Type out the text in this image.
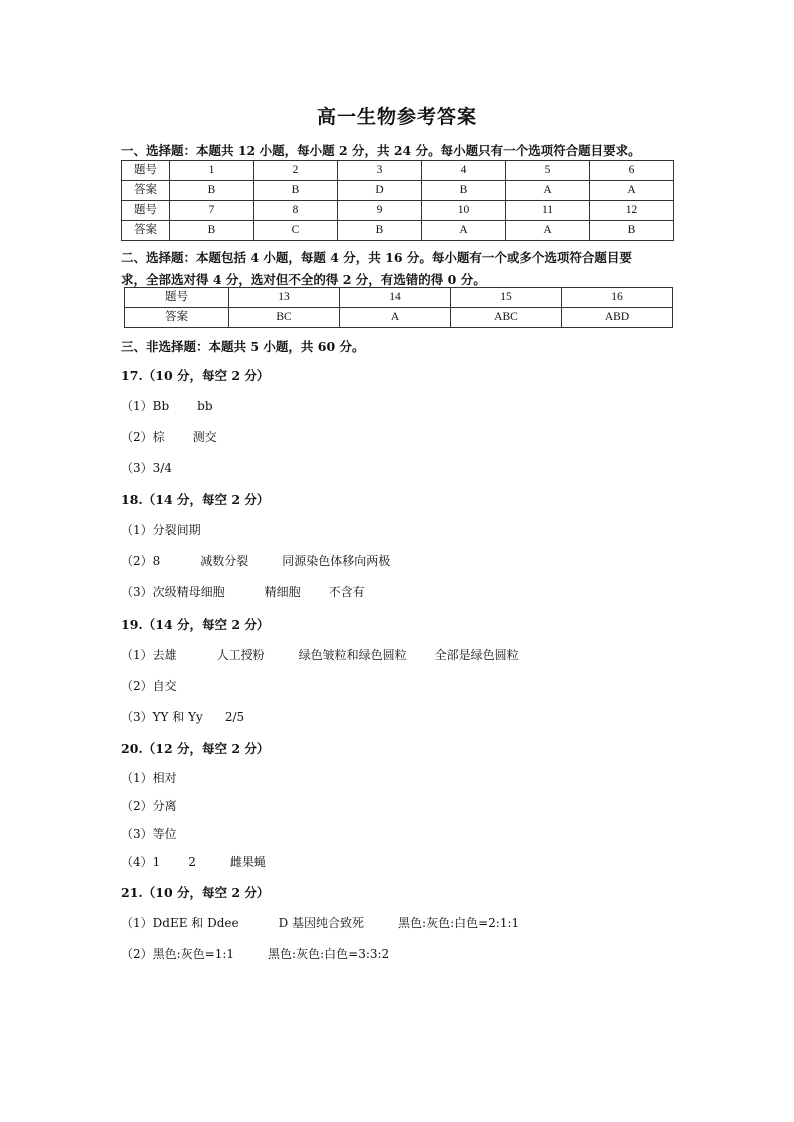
高一生物参考答案
一、选择题：本题共 12 小题，每小题 2 分，共 24 分。每小题只有一个选项符合题目要求。
题号	1	2	3	4	5	6
答案	B	B	D	B	A	A
题号	7	8	9	10	11	12
答案	B	C	B	A	A	B
二、选择题：本题包括 4 小题，每题 4 分，共 16 分。每小题有一个或多个选项符合题目要
求，全部选对得 4 分，选对但不全的得 2 分，有选错的得 0 分。
题号	13	14	15	16
答案	BC	A	ABC	ABD
三、非选择题：本题共 5 小题，共 60 分。
17.（10 分，每空 2 分）
（1）Bb bb
（2）棕 测交
（3）3/4
18.（14 分，每空 2 分）
（1）分裂间期
（2）8	减数分裂	同源染色体移向两极
（3）次级精母细胞	精细胞 不含有
19.（14 分，每空 2 分）
（1）去雄	人工授粉	绿色皱粒和绿色圆粒 全部是绿色圆粒
（2）自交
（3）YY 和 Yy 2/5
20.（12 分，每空 2 分）
（1）相对
（2）分离
（3）等位
（4）1 2	雌果蝇
21.（10 分，每空 2 分）
（1）DdEE 和 Ddee	D 基因纯合致死	黑色:灰色:白色=2:1:1
（2）黑色:灰色=1:1	黑色:灰色:白色=3:3:2
